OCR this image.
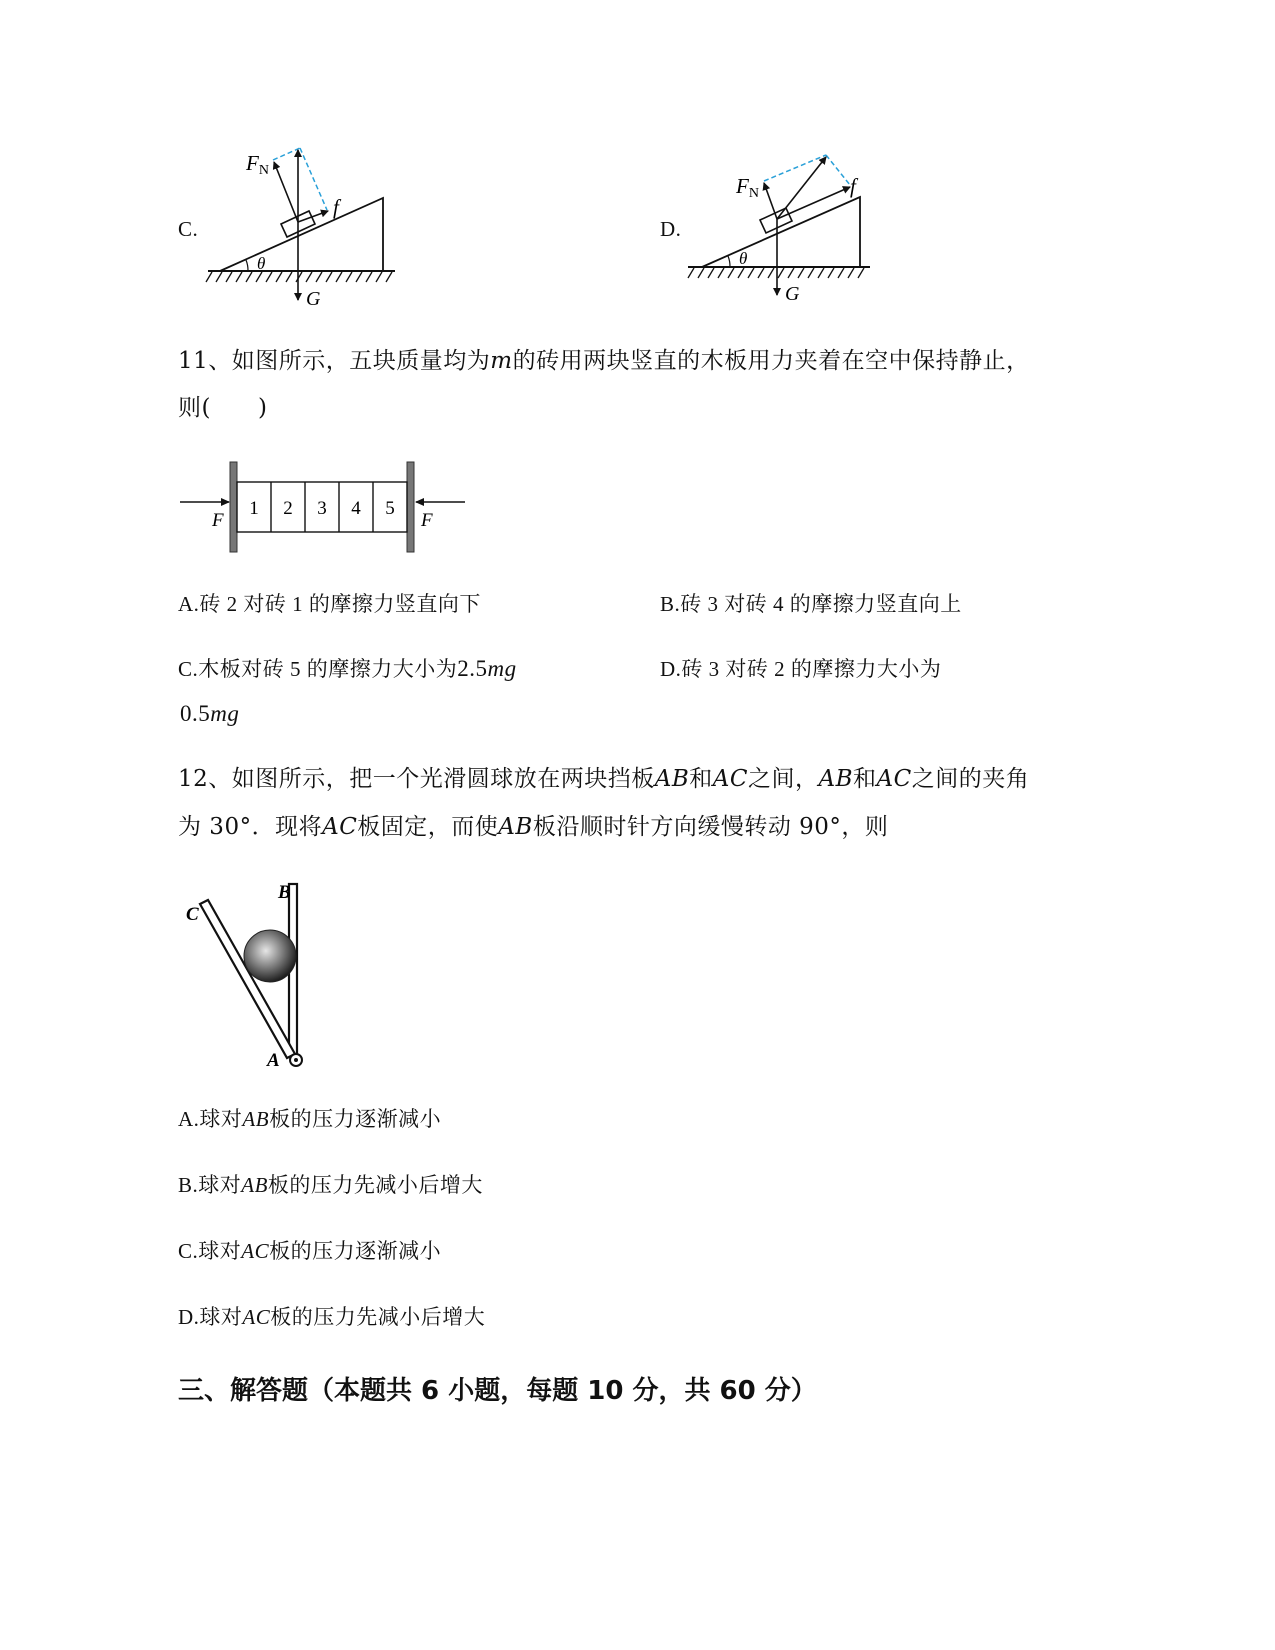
C.
θ
FN
f
G
D.
θ
FN	f
G
11、如图所示，五块质量均为m的砖用两块竖直的木板用力夹着在空中保持静止，
则(　　)
1 2 3 4 5
F	F
A.砖 2 对砖 1 的摩擦力竖直向下	B.砖 3 对砖 4 的摩擦力竖直向上
C.木板对砖 5 的摩擦力大小为2.5mg	D.砖 3 对砖 2 的摩擦力大小为
0.5mg
12、如图所示，把一个光滑圆球放在两块挡板AB和AC之间，AB和AC之间的夹角
为 30°．现将AC板固定，而使AB板沿顺时针方向缓慢转动 90°，则
C
B
A
A.球对AB板的压力逐渐减小
B.球对AB板的压力先减小后增大
C.球对AC板的压力逐渐减小
D.球对AC板的压力先减小后增大
三、解答题（本题共 6 小题，每题 10 分，共 60 分）
